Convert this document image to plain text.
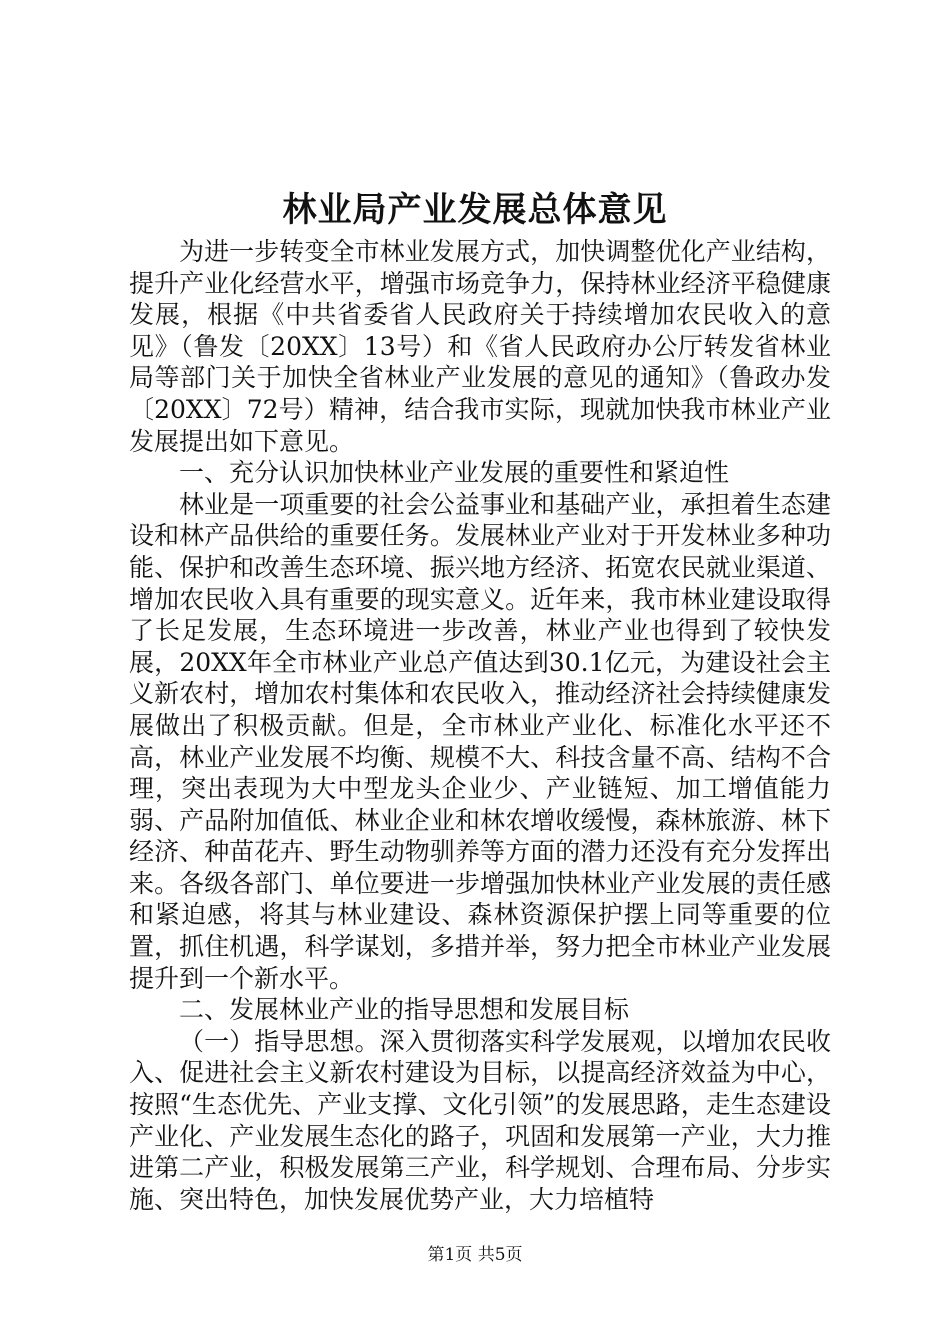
林业局产业发展总体意见

为进一步转变全市林业发展方式，加快调整优化产业结构，提升产业化经营水平，增强市场竞争力，保持林业经济平稳健康发展，根据《中共省委省人民政府关于持续增加农民收入的意见》（鲁发〔20XX〕13号）和《省人民政府办公厅转发省林业局等部门关于加快全省林业产业发展的意见的通知》（鲁政办发〔20XX〕72号）精神，结合我市实际，现就加快我市林业产业发展提出如下意见。

一、充分认识加快林业产业发展的重要性和紧迫性

林业是一项重要的社会公益事业和基础产业，承担着生态建设和林产品供给的重要任务。发展林业产业对于开发林业多种功能、保护和改善生态环境、振兴地方经济、拓宽农民就业渠道、增加农民收入具有重要的现实意义。近年来，我市林业建设取得了长足发展，生态环境进一步改善，林业产业也得到了较快发展，20XX年全市林业产业总产值达到30.1亿元，为建设社会主义新农村，增加农村集体和农民收入，推动经济社会持续健康发展做出了积极贡献。但是，全市林业产业化、标准化水平还不高，林业产业发展不均衡、规模不大、科技含量不高、结构不合理，突出表现为大中型龙头企业少、产业链短、加工增值能力弱、产品附加值低、林业企业和林农增收缓慢，森林旅游、林下经济、种苗花卉、野生动物驯养等方面的潜力还没有充分发挥出来。各级各部门、单位要进一步增强加快林业产业发展的责任感和紧迫感，将其与林业建设、森林资源保护摆上同等重要的位置，抓住机遇，科学谋划，多措并举，努力把全市林业产业发展提升到一个新水平。

二、发展林业产业的指导思想和发展目标

（一）指导思想。深入贯彻落实科学发展观，以增加农民收入、促进社会主义新农村建设为目标，以提高经济效益为中心，按照“生态优先、产业支撑、文化引领”的发展思路，走生态建设产业化、产业发展生态化的路子，巩固和发展第一产业，大力推进第二产业，积极发展第三产业，科学规划、合理布局、分步实施、突出特色，加快发展优势产业，大力培植特

第1页 共5页
